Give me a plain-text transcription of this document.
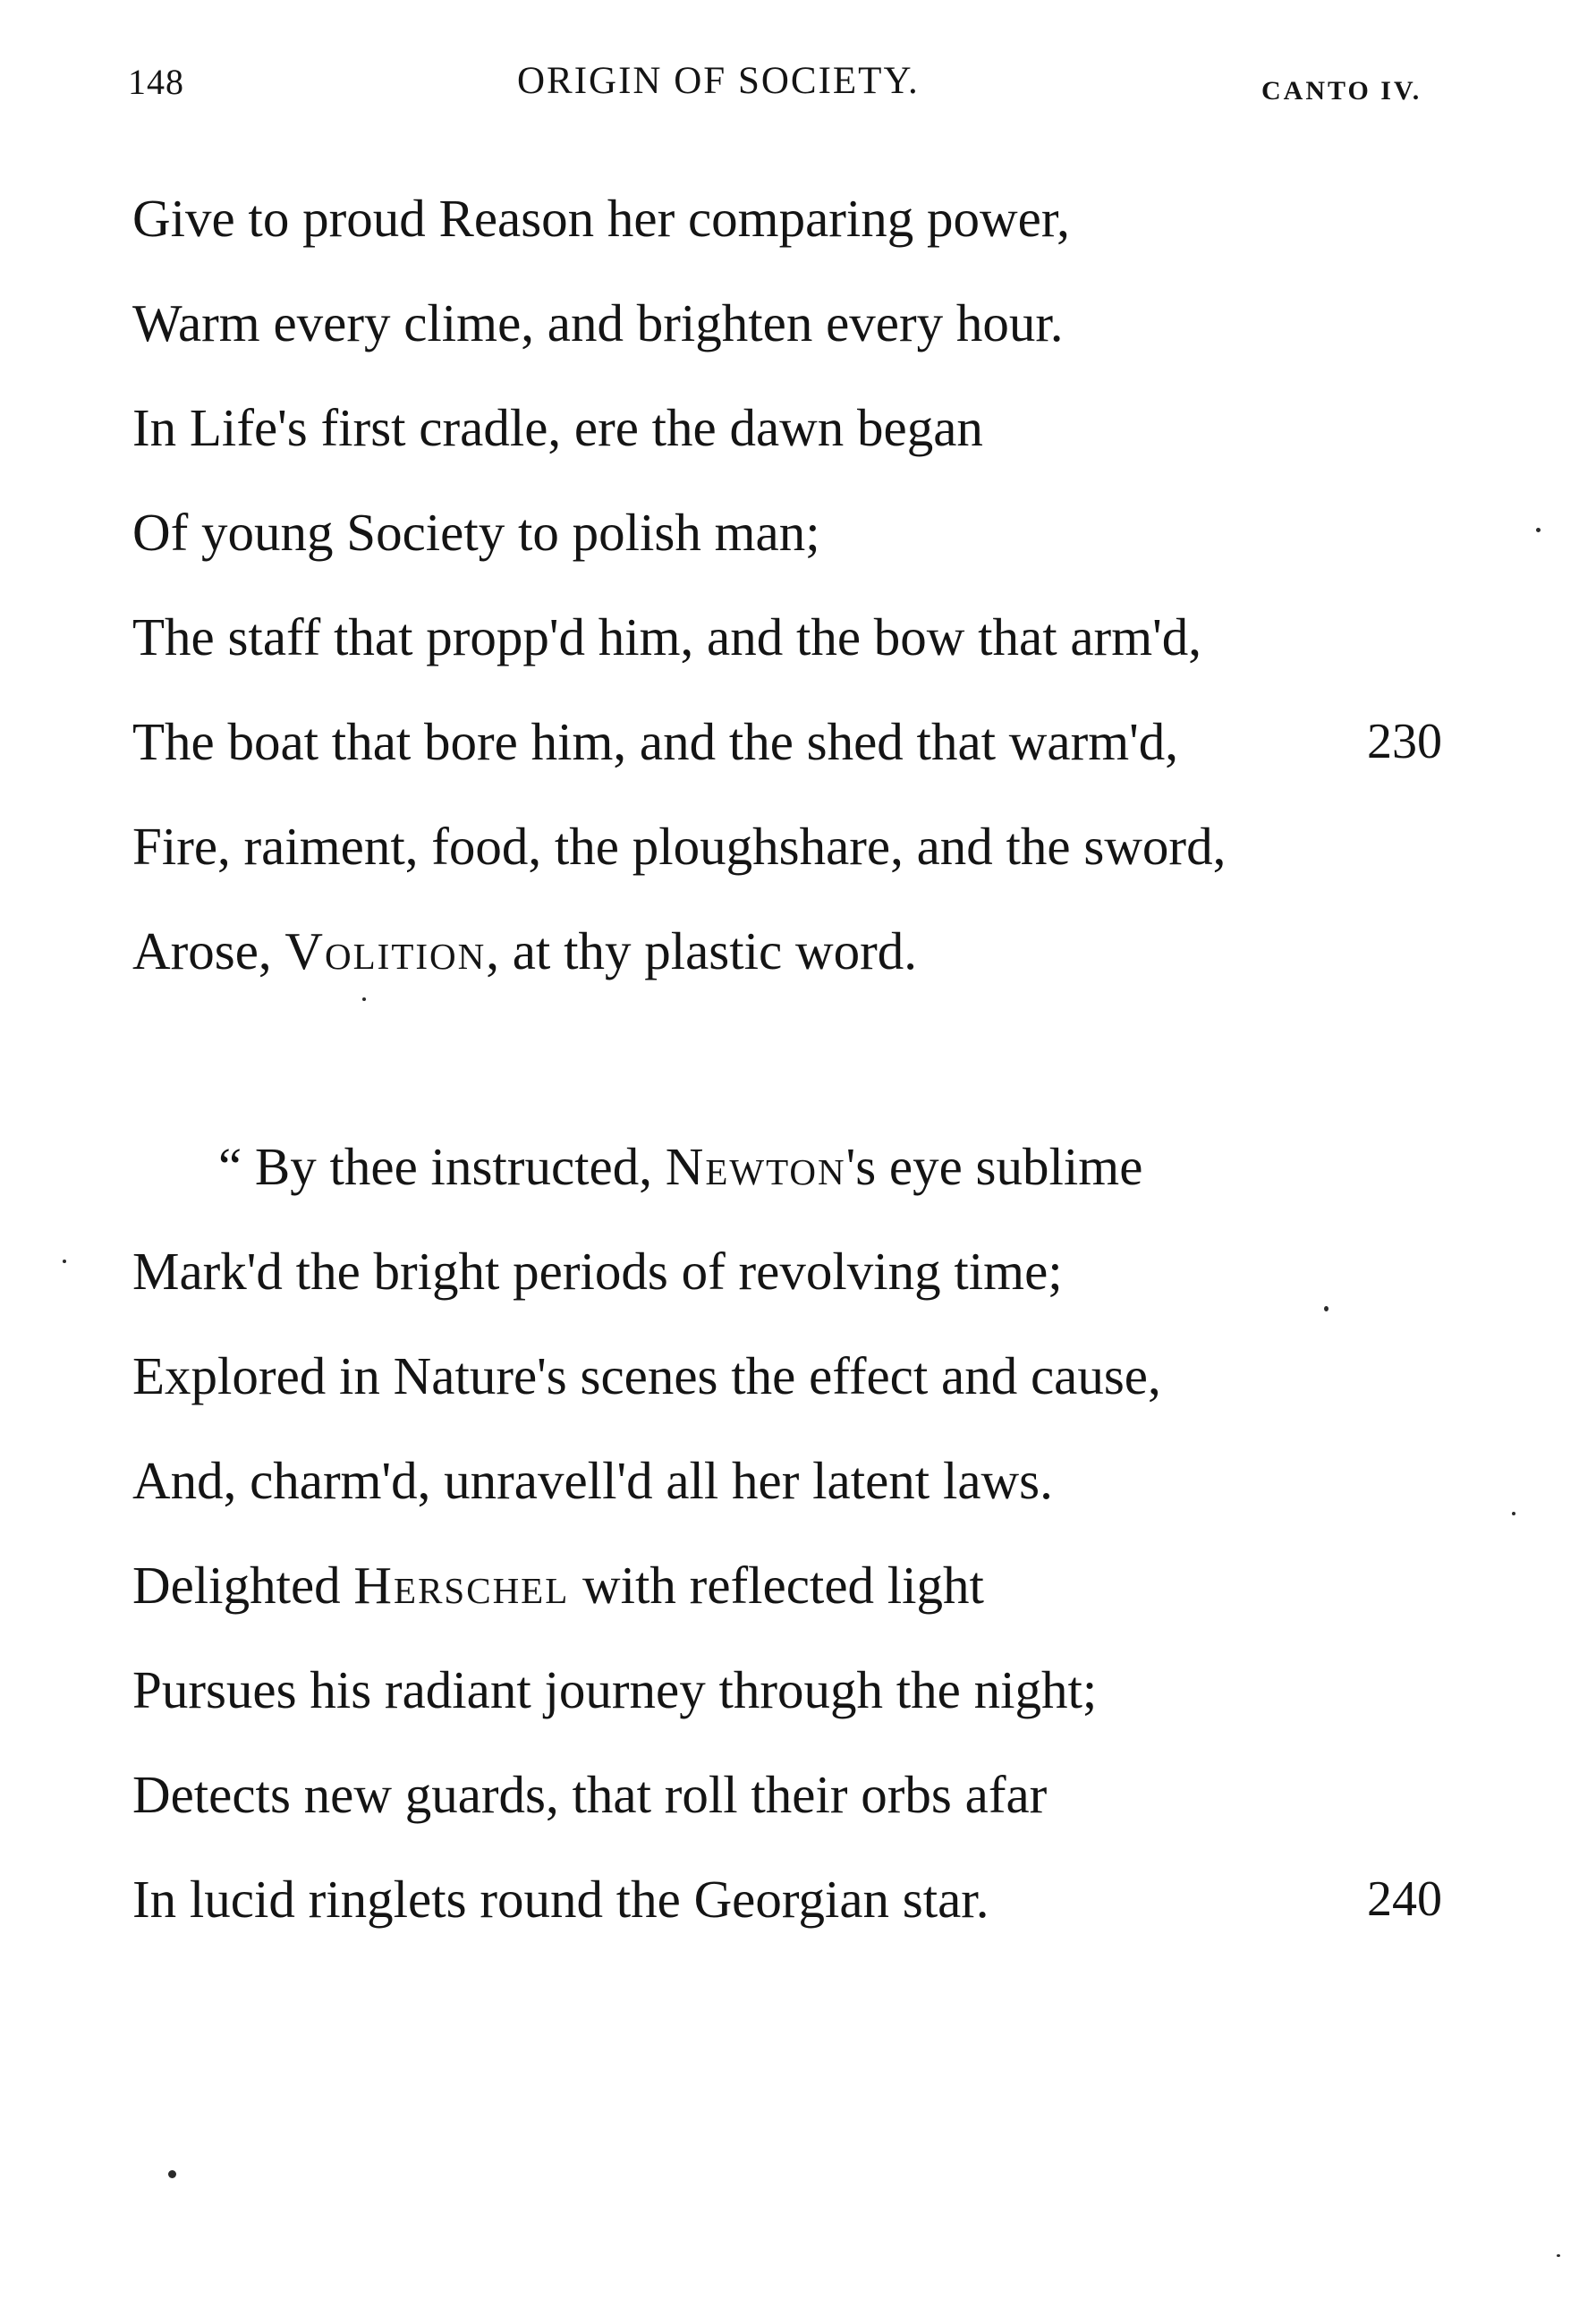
148	ORIGIN OF SOCIETY.	CANTO IV.
Give to proud Reason her comparing power,
Warm every clime, and brighten every hour.
In Life's first cradle, ere the dawn began
Of young Society to polish man;
The staff that propp'd him, and the bow that arm'd,
The boat that bore him, and the shed that warm'd,	230
Fire, raiment, food, the ploughshare, and the sword,
Arose, Volition, at thy plastic word.
“ By thee instructed, Newton's eye sublime
Mark'd the bright periods of revolving time;
Explored in Nature's scenes the effect and cause,
And, charm'd, unravell'd all her latent laws.
Delighted Herschel with reflected light
Pursues his radiant journey through the night;
Detects new guards, that roll their orbs afar
In lucid ringlets round the Georgian star.	240
